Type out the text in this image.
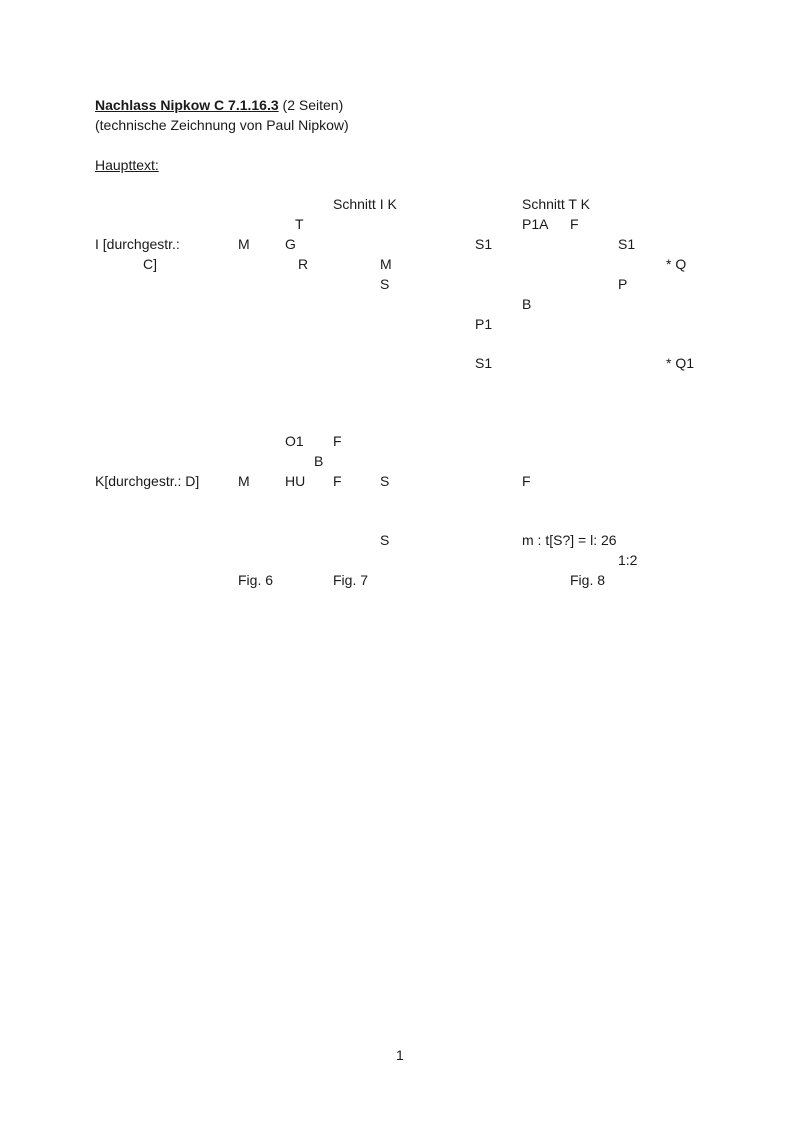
Nachlass Nipkow C 7.1.16.3 (2 Seiten)
(technische Zeichnung von Paul Nipkow)
Haupttext:
Schnitt I K	Schnitt T K
T	P1A F
I [durchgestr.:	M	G	S1	S1
C]	R	M	* Q
S	P
B
P1
S1	* Q1
O1 F
B
K[durchgestr.: D]	M	HU F	S	F
S	m : t[S?] = l: 26
1:2
Fig. 6	Fig. 7	Fig. 8
1
